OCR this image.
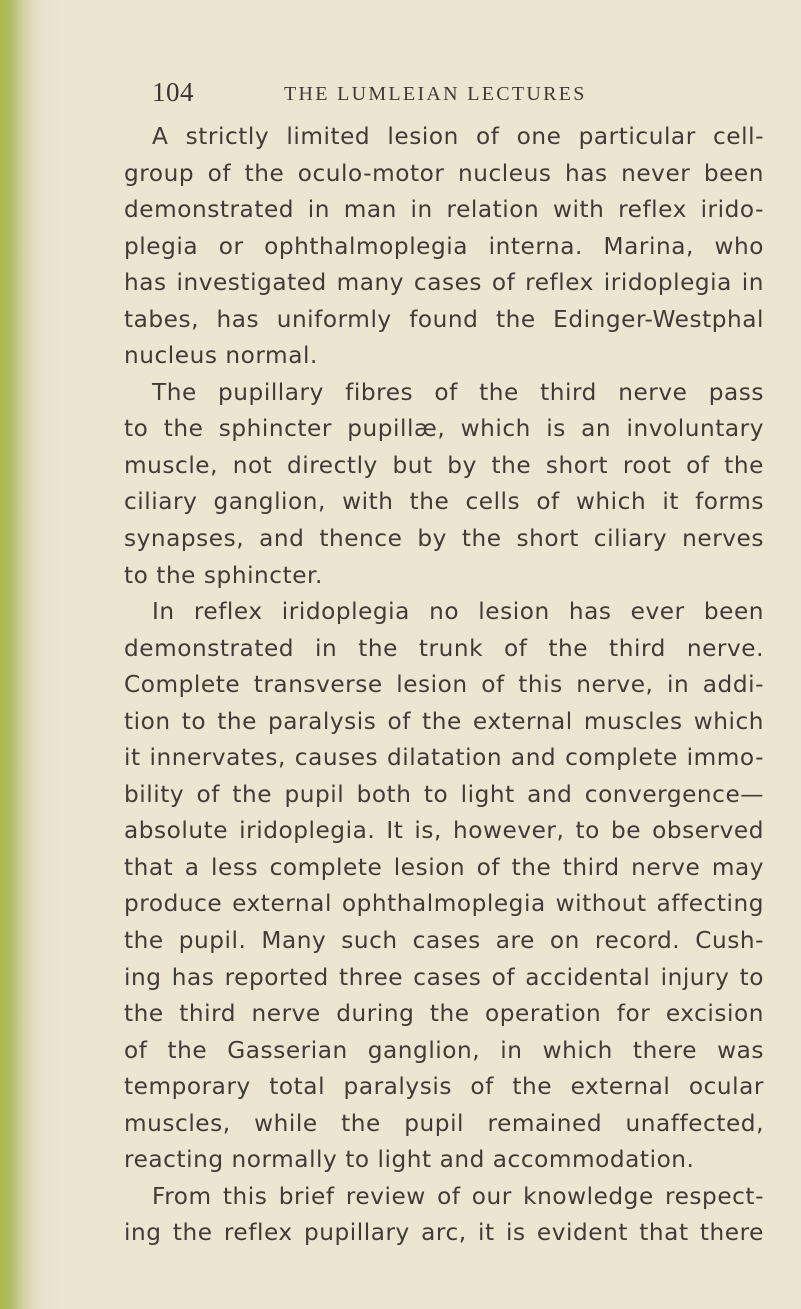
104	THE LUMLEIAN LECTURES
A strictly limited lesion of one particular cell-
group of the oculo-motor nucleus has never been
demonstrated in man in relation with reflex irido-
plegia or ophthalmoplegia interna. Marina, who
has investigated many cases of reflex iridoplegia in
tabes, has uniformly found the Edinger-Westphal
nucleus normal.
The pupillary fibres of the third nerve pass
to the sphincter pupillæ, which is an involuntary
muscle, not directly but by the short root of the
ciliary ganglion, with the cells of which it forms
synapses, and thence by the short ciliary nerves
to the sphincter.
In reflex iridoplegia no lesion has ever been
demonstrated in the trunk of the third nerve.
Complete transverse lesion of this nerve, in addi-
tion to the paralysis of the external muscles which
it innervates, causes dilatation and complete immo-
bility of the pupil both to light and convergence—
absolute iridoplegia. It is, however, to be observed
that a less complete lesion of the third nerve may
produce external ophthalmoplegia without affecting
the pupil. Many such cases are on record. Cush-
ing has reported three cases of accidental injury to
the third nerve during the operation for excision
of the Gasserian ganglion, in which there was
temporary total paralysis of the external ocular
muscles, while the pupil remained unaffected,
reacting normally to light and accommodation.
From this brief review of our knowledge respect-
ing the reflex pupillary arc, it is evident that there
